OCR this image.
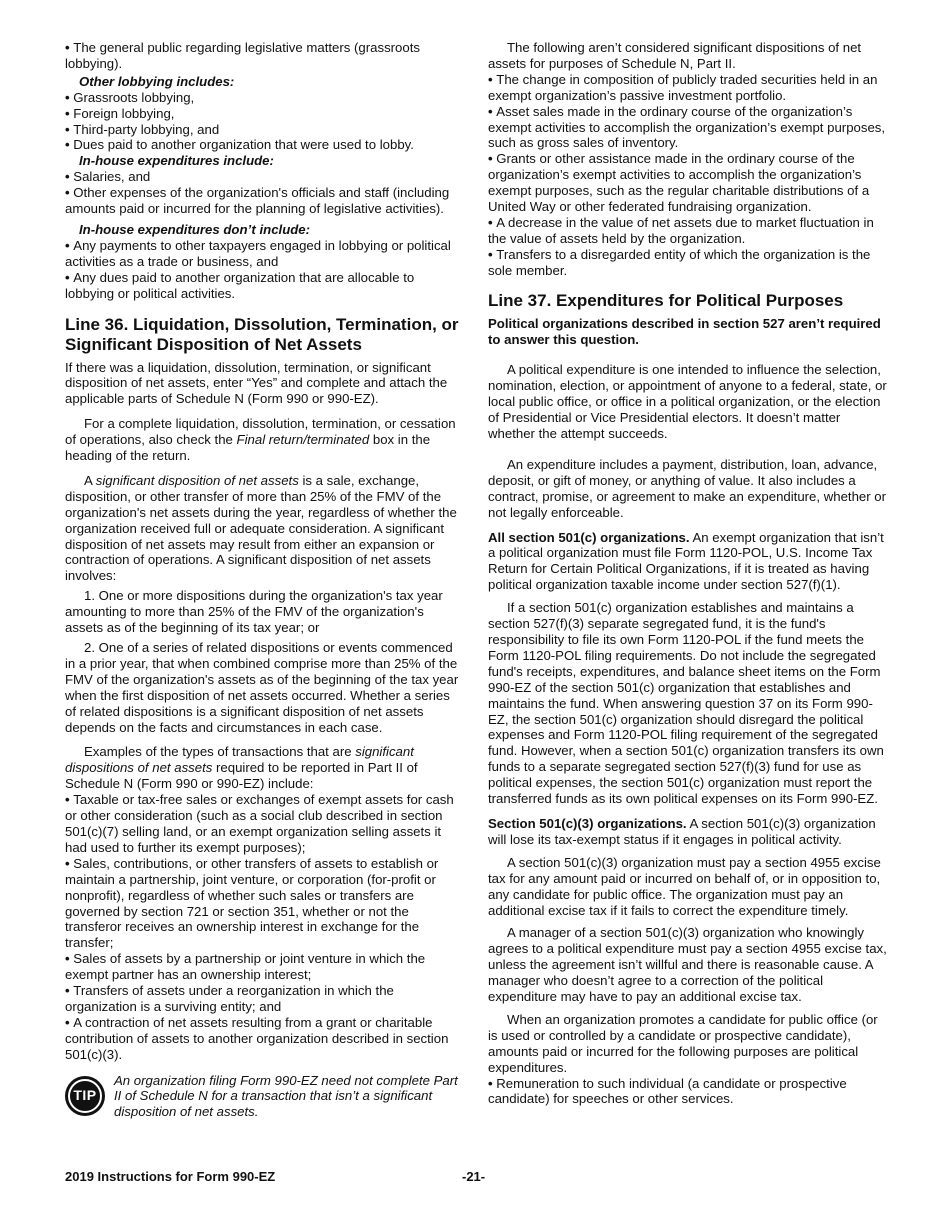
• The general public regarding legislative matters (grassroots lobbying).

Other lobbying includes:

• Grassroots lobbying,

• Foreign lobbying,

• Third-party lobbying, and

• Dues paid to another organization that were used to lobby.

In-house expenditures include:

• Salaries, and

• Other expenses of the organization's officials and staff (including amounts paid or incurred for the planning of legislative activities).

In-house expenditures don’t include:

• Any payments to other taxpayers engaged in lobbying or political activities as a trade or business, and

• Any dues paid to another organization that are allocable to lobbying or political activities.

Line 36. Liquidation, Dissolution, Termination, or Significant Disposition of Net Assets

If there was a liquidation, dissolution, termination, or significant disposition of net assets, enter “Yes” and complete and attach the applicable parts of Schedule N (Form 990 or 990-EZ).

For a complete liquidation, dissolution, termination, or cessation of operations, also check the Final return/terminated box in the heading of the return.

A significant disposition of net assets is a sale, exchange, disposition, or other transfer of more than 25% of the FMV of the organization's net assets during the year, regardless of whether the organization received full or adequate consideration. A significant disposition of net assets may result from either an expansion or contraction of operations. A significant disposition of net assets involves:

1. One or more dispositions during the organization's tax year amounting to more than 25% of the FMV of the organization's assets as of the beginning of its tax year; or

2. One of a series of related dispositions or events commenced in a prior year, that when combined comprise more than 25% of the FMV of the organization's assets as of the beginning of the tax year when the first disposition of net assets occurred. Whether a series of related dispositions is a significant disposition of net assets depends on the facts and circumstances in each case.

Examples of the types of transactions that are significant dispositions of net assets required to be reported in Part II of Schedule N (Form 990 or 990-EZ) include:

• Taxable or tax-free sales or exchanges of exempt assets for cash or other consideration (such as a social club described in section 501(c)(7) selling land, or an exempt organization selling assets it had used to further its exempt purposes);

• Sales, contributions, or other transfers of assets to establish or maintain a partnership, joint venture, or corporation (for-profit or nonprofit), regardless of whether such sales or transfers are governed by section 721 or section 351, whether or not the transferor receives an ownership interest in exchange for the transfer;

• Sales of assets by a partnership or joint venture in which the exempt partner has an ownership interest;

• Transfers of assets under a reorganization in which the organization is a surviving entity; and

• A contraction of net assets resulting from a grant or charitable contribution of assets to another organization described in section 501(c)(3).

TIP

An organization filing Form 990-EZ need not complete Part II of Schedule N for a transaction that isn’t a significant disposition of net assets.

The following aren’t considered significant dispositions of net assets for purposes of Schedule N, Part II.

• The change in composition of publicly traded securities held in an exempt organization’s passive investment portfolio.

• Asset sales made in the ordinary course of the organization’s exempt activities to accomplish the organization’s exempt purposes, such as gross sales of inventory.

• Grants or other assistance made in the ordinary course of the organization’s exempt activities to accomplish the organization’s exempt purposes, such as the regular charitable distributions of a United Way or other federated fundraising organization.

• A decrease in the value of net assets due to market fluctuation in the value of assets held by the organization.

• Transfers to a disregarded entity of which the organization is the sole member.

Line 37. Expenditures for Political Purposes

Political organizations described in section 527 aren’t required to answer this question.

A political expenditure is one intended to influence the selection, nomination, election, or appointment of anyone to a federal, state, or local public office, or office in a political organization, or the election of Presidential or Vice Presidential electors. It doesn’t matter whether the attempt succeeds.

An expenditure includes a payment, distribution, loan, advance, deposit, or gift of money, or anything of value. It also includes a contract, promise, or agreement to make an expenditure, whether or not legally enforceable.

All section 501(c) organizations. An exempt organization that isn’t a political organization must file Form 1120-POL, U.S. Income Tax Return for Certain Political Organizations, if it is treated as having political organization taxable income under section 527(f)(1).

If a section 501(c) organization establishes and maintains a section 527(f)(3) separate segregated fund, it is the fund's responsibility to file its own Form 1120-POL if the fund meets the Form 1120-POL filing requirements. Do not include the segregated fund's receipts, expenditures, and balance sheet items on the Form 990-EZ of the section 501(c) organization that establishes and maintains the fund. When answering question 37 on its Form 990-EZ, the section 501(c) organization should disregard the political expenses and Form 1120-POL filing requirement of the segregated fund. However, when a section 501(c) organization transfers its own funds to a separate segregated section 527(f)(3) fund for use as political expenses, the section 501(c) organization must report the transferred funds as its own political expenses on its Form 990-EZ.

Section 501(c)(3) organizations. A section 501(c)(3) organization will lose its tax-exempt status if it engages in political activity.

A section 501(c)(3) organization must pay a section 4955 excise tax for any amount paid or incurred on behalf of, or in opposition to, any candidate for public office. The organization must pay an additional excise tax if it fails to correct the expenditure timely.

A manager of a section 501(c)(3) organization who knowingly agrees to a political expenditure must pay a section 4955 excise tax, unless the agreement isn’t willful and there is reasonable cause. A manager who doesn’t agree to a correction of the political expenditure may have to pay an additional excise tax.

When an organization promotes a candidate for public office (or is used or controlled by a candidate or prospective candidate), amounts paid or incurred for the following purposes are political expenditures.

• Remuneration to such individual (a candidate or prospective candidate) for speeches or other services.

2019 Instructions for Form 990-EZ	-21-
